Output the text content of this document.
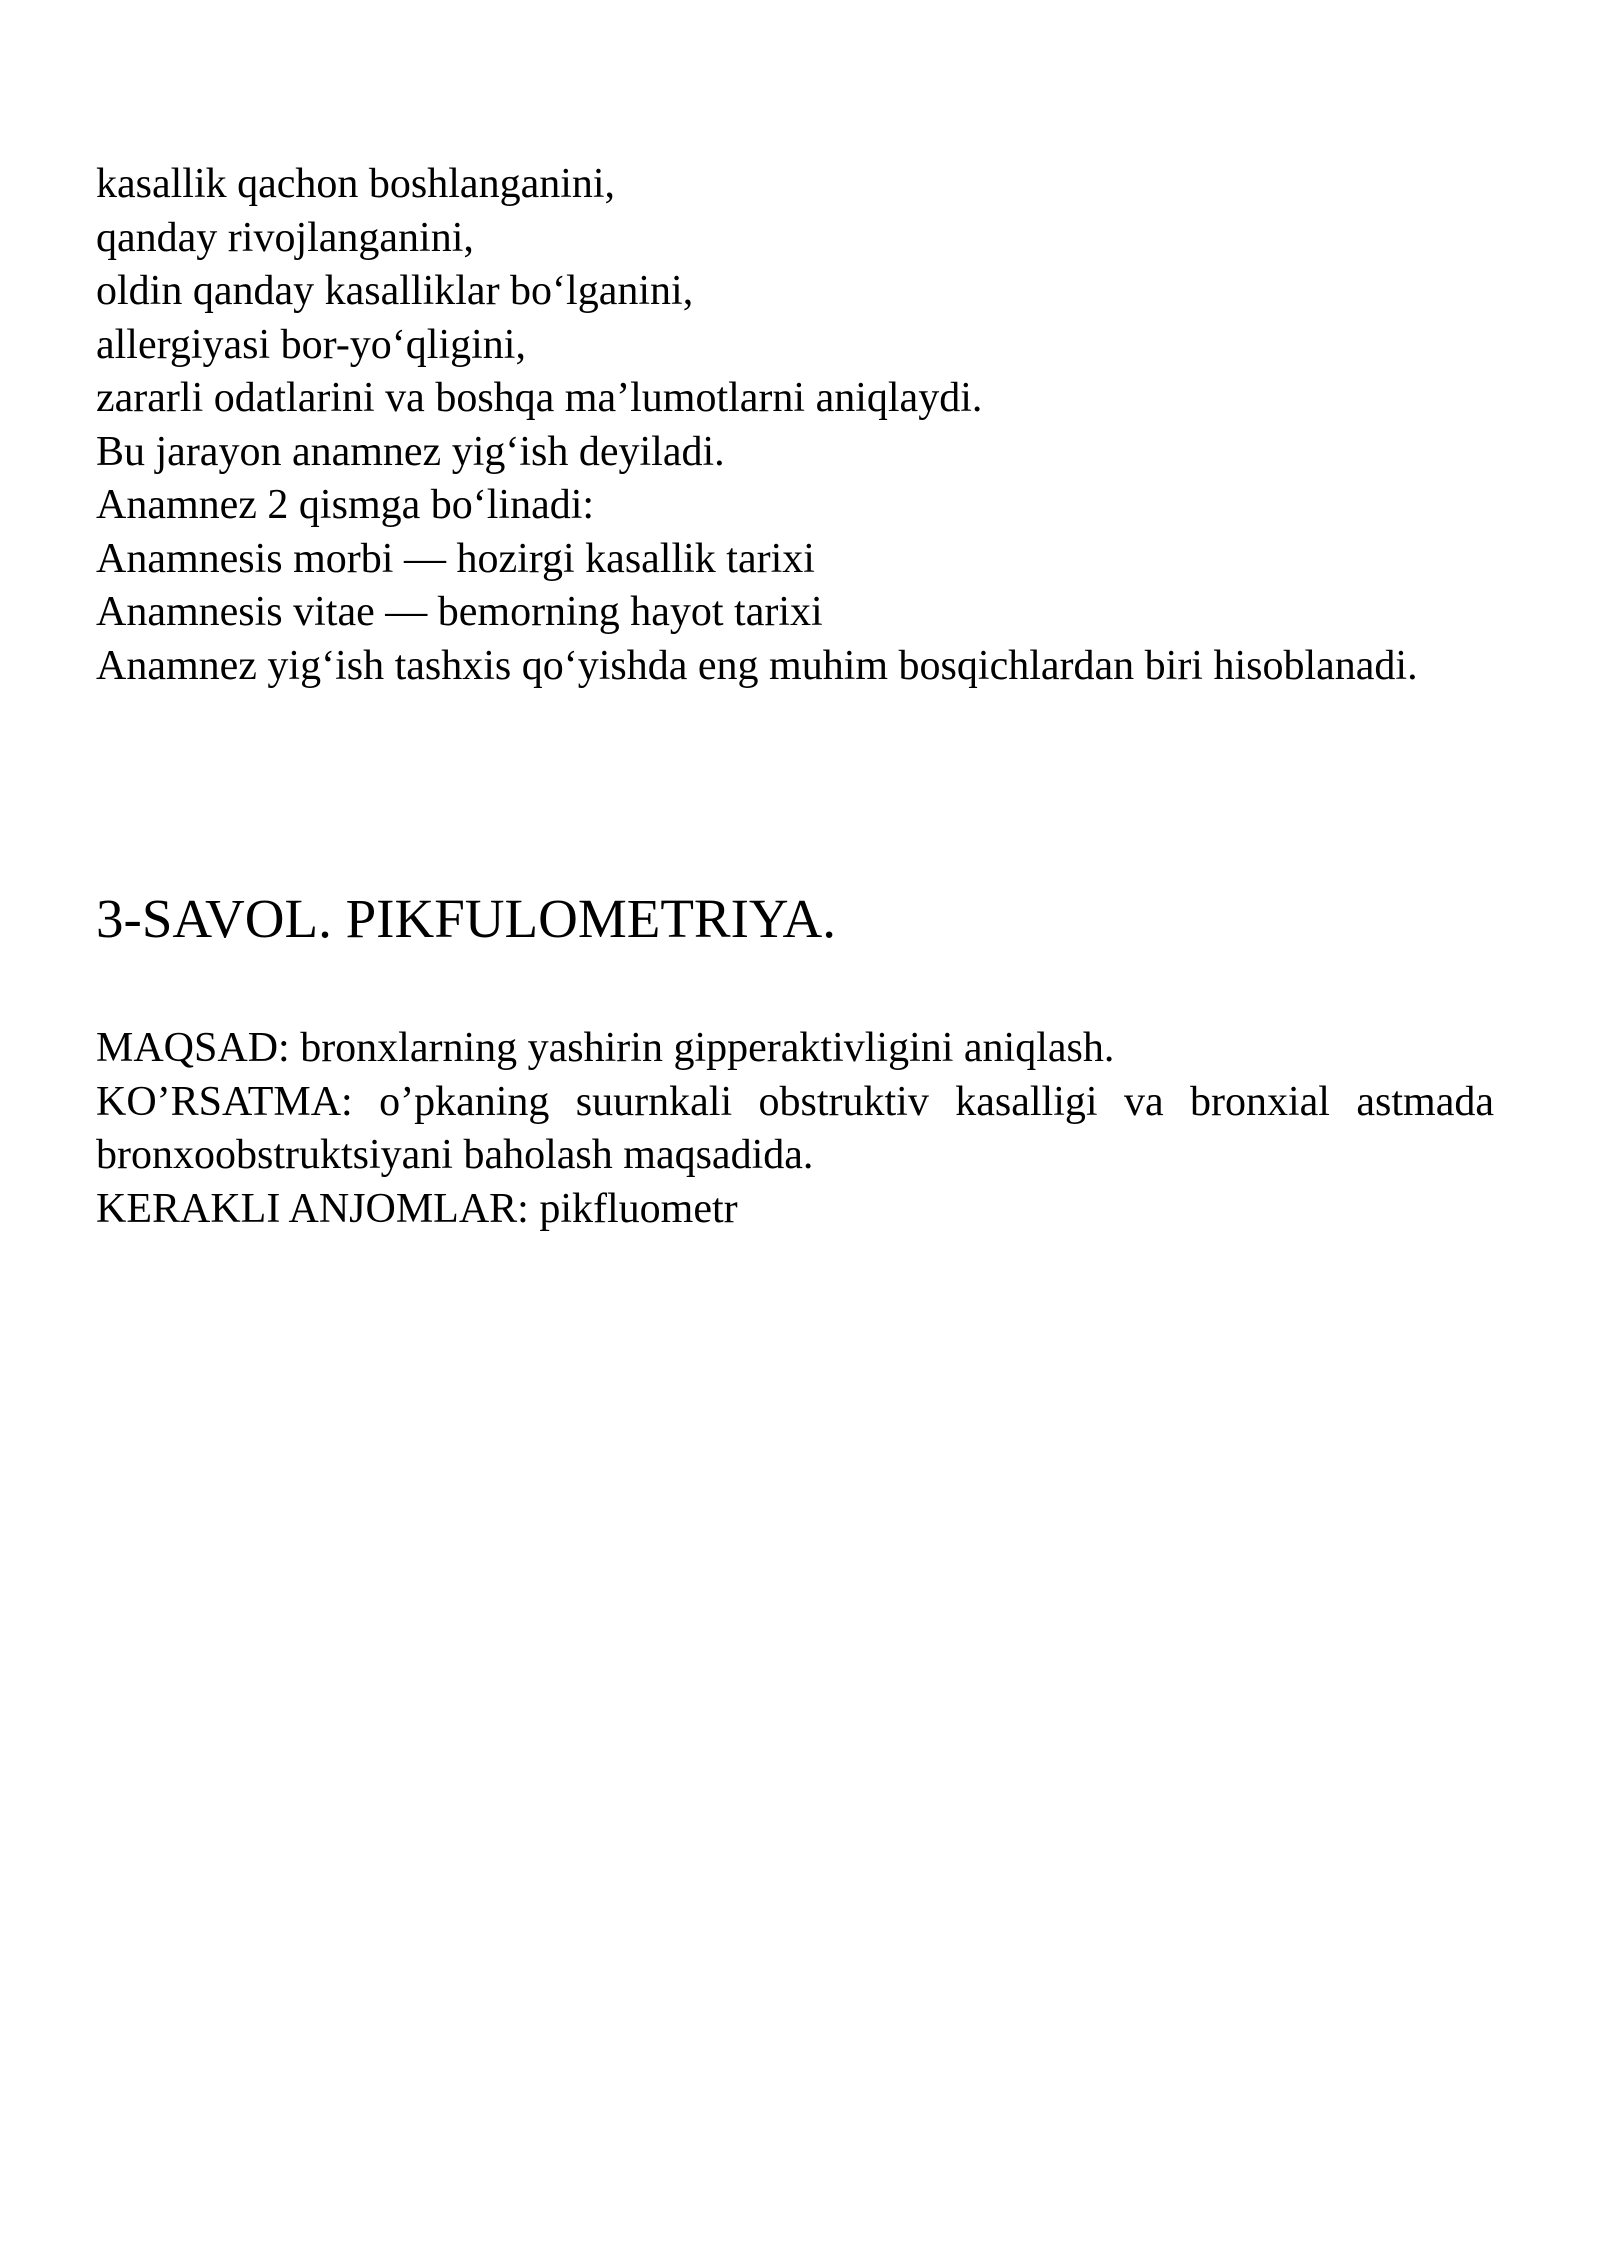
kasallik qachon boshlanganini,

qanday rivojlanganini,

oldin qanday kasalliklar bo‘lganini,

allergiyasi bor-yo‘qligini,

zararli odatlarini va boshqa ma’lumotlarni aniqlaydi.

Bu jarayon anamnez yig‘ish deyiladi.

Anamnez 2 qismga bo‘linadi:

Anamnesis morbi — hozirgi kasallik tarixi

Anamnesis vitae — bemorning hayot tarixi

Anamnez yig‘ish tashxis qo‘yishda eng muhim bosqichlardan biri hisoblanadi.

3-SAVOL. PIKFULOMETRIYA.

MAQSAD: bronxlarning yashirin gipperaktivligini aniqlash.

KO’RSATMA: o’pkaning suurnkali obstruktiv kasalligi va bronxial astmada bronxoobstruktsiyani baholash maqsadida.

KERAKLI ANJOMLAR: pikfluometr
